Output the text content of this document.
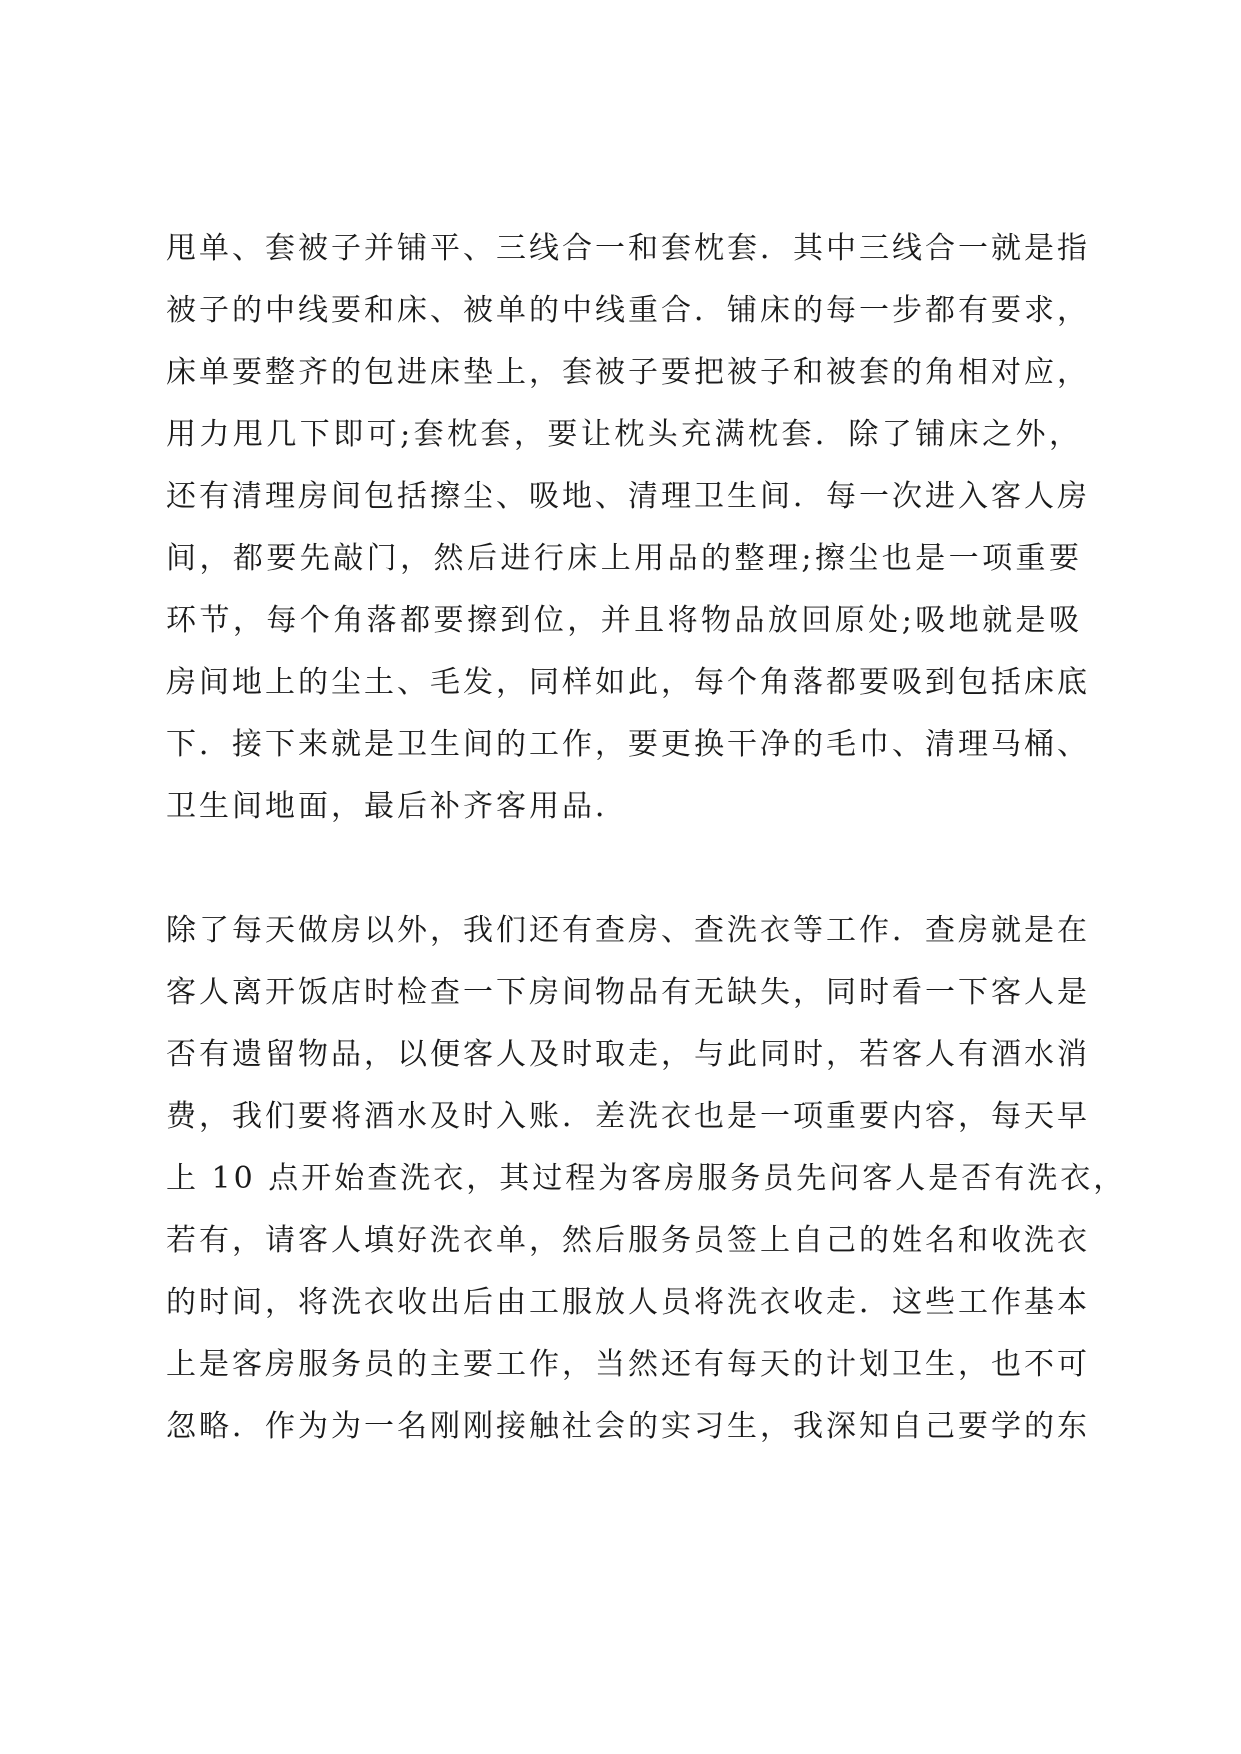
甩单、套被子并铺平、三线合一和套枕套．其中三线合一就是指
被子的中线要和床、被单的中线重合．铺床的每一步都有要求，
床单要整齐的包进床垫上，套被子要把被子和被套的角相对应，
用力甩几下即可;套枕套，要让枕头充满枕套．除了铺床之外，
还有清理房间包括擦尘、吸地、清理卫生间．每一次进入客人房
间，都要先敲门，然后进行床上用品的整理;擦尘也是一项重要
环节，每个角落都要擦到位，并且将物品放回原处;吸地就是吸
房间地上的尘土、毛发，同样如此，每个角落都要吸到包括床底
下．接下来就是卫生间的工作，要更换干净的毛巾、清理马桶、
卫生间地面，最后补齐客用品．
除了每天做房以外，我们还有查房、查洗衣等工作．查房就是在
客人离开饭店时检查一下房间物品有无缺失，同时看一下客人是
否有遗留物品，以便客人及时取走，与此同时，若客人有酒水消
费，我们要将酒水及时入账．差洗衣也是一项重要内容，每天早
上 10 点开始查洗衣，其过程为客房服务员先问客人是否有洗衣，
若有，请客人填好洗衣单，然后服务员签上自己的姓名和收洗衣
的时间，将洗衣收出后由工服放人员将洗衣收走．这些工作基本
上是客房服务员的主要工作，当然还有每天的计划卫生，也不可
忽略．作为为一名刚刚接触社会的实习生，我深知自己要学的东
